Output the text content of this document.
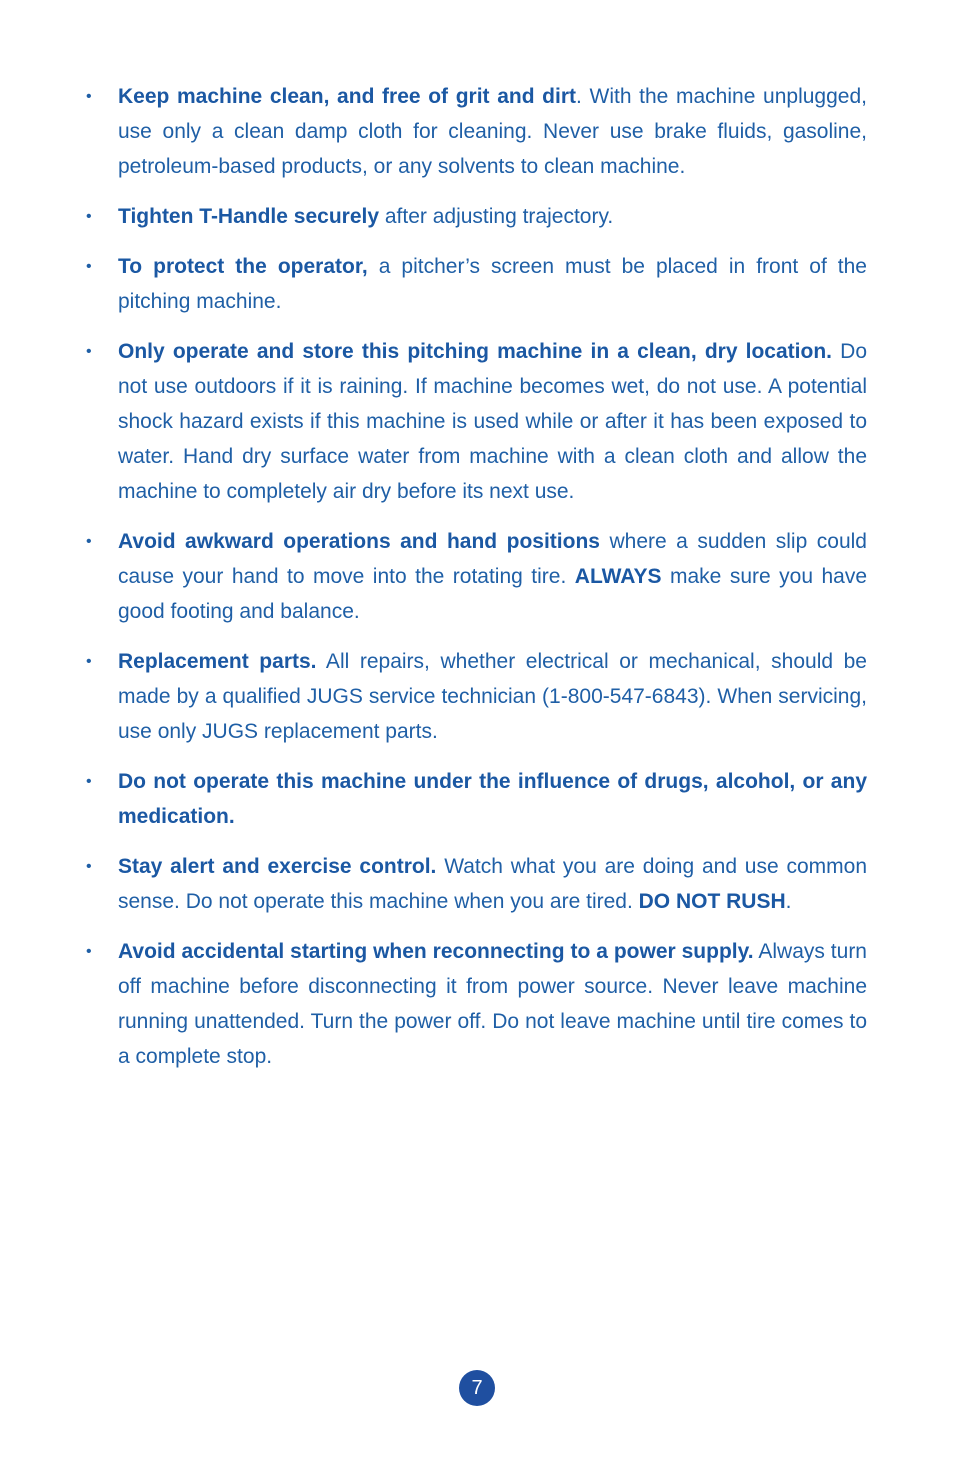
•	Keep machine clean, and free of grit and dirt. With the machine unplugged, use only a clean damp cloth for cleaning. Never use brake fluids, gasoline, petroleum-based products, or any solvents to clean machine.
•	Tighten T-Handle securely after adjusting trajectory.
•	To protect the operator, a pitcher’s screen must be placed in front of the pitching machine.
•	Only operate and store this pitching machine in a clean, dry location. Do not use outdoors if it is raining. If machine becomes wet, do not use. A potential shock hazard exists if this machine is used while or after it has been exposed to water. Hand dry surface water from machine with a clean cloth and allow the machine to completely air dry before its next use.
•	Avoid awkward operations and hand positions where a sudden slip could cause your hand to move into the rotating tire. ALWAYS make sure you have good footing and balance.
•	Replacement parts. All repairs, whether electrical or mechanical, should be made by a qualified JUGS service technician (1-800-547-6843). When servicing, use only JUGS replacement parts.
•	Do not operate this machine under the influence of drugs, alcohol, or any medication.
•	Stay alert and exercise control. Watch what you are doing and use common sense. Do not operate this machine when you are tired. DO NOT RUSH.
•	Avoid accidental starting when reconnecting to a power supply. Always turn off machine before disconnecting it from power source. Never leave machine running unattended. Turn the power off. Do not leave machine until tire comes to a complete stop.
7
